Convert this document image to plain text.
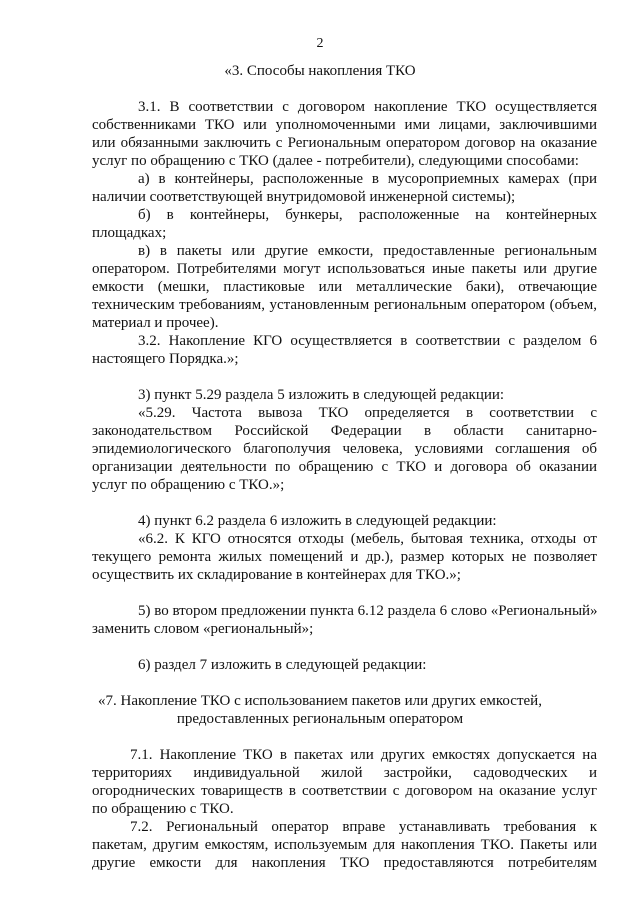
2
«3. Способы накопления ТКО
3.1. В соответствии с договором накопление ТКО осуществляется
собственниками ТКО или уполномоченными ими лицами, заключившими
или обязанными заключить с Региональным оператором договор на оказание
услуг по обращению с ТКО (далее - потребители), следующими способами:
а) в контейнеры, расположенные в мусороприемных камерах (при
наличии соответствующей внутридомовой инженерной системы);
б) в контейнеры, бункеры, расположенные на контейнерных
площадках;
в) в пакеты или другие емкости, предоставленные региональным
оператором. Потребителями могут использоваться иные пакеты или другие
емкости (мешки, пластиковые или металлические баки), отвечающие
техническим требованиям, установленным региональным оператором (объем,
материал и прочее).
3.2. Накопление КГО осуществляется в соответствии с разделом 6
настоящего Порядка.»;
3) пункт 5.29 раздела 5 изложить в следующей редакции:
«5.29. Частота вывоза ТКО определяется в соответствии с
законодательством Российской Федерации в области санитарно-
эпидемиологического благополучия человека, условиями соглашения об
организации деятельности по обращению с ТКО и договора об оказании
услуг по обращению с ТКО.»;
4) пункт 6.2 раздела 6 изложить в следующей редакции:
«6.2. К КГО относятся отходы (мебель, бытовая техника, отходы от
текущего ремонта жилых помещений и др.), размер которых не позволяет
осуществить их складирование в контейнерах для ТКО.»;
5) во втором предложении пункта 6.12 раздела 6 слово «Региональный»
заменить словом «региональный»;
6) раздел 7 изложить в следующей редакции:
«7. Накопление ТКО с использованием пакетов или других емкостей,
предоставленных региональным оператором
7.1. Накопление ТКО в пакетах или других емкостях допускается на
территориях индивидуальной жилой застройки, садоводческих и
огороднических товариществ в соответствии с договором на оказание услуг
по обращению с ТКО.
7.2. Региональный оператор вправе устанавливать требования к
пакетам, другим емкостям, используемым для накопления ТКО. Пакеты или
другие емкости для накопления ТКО предоставляются потребителям
